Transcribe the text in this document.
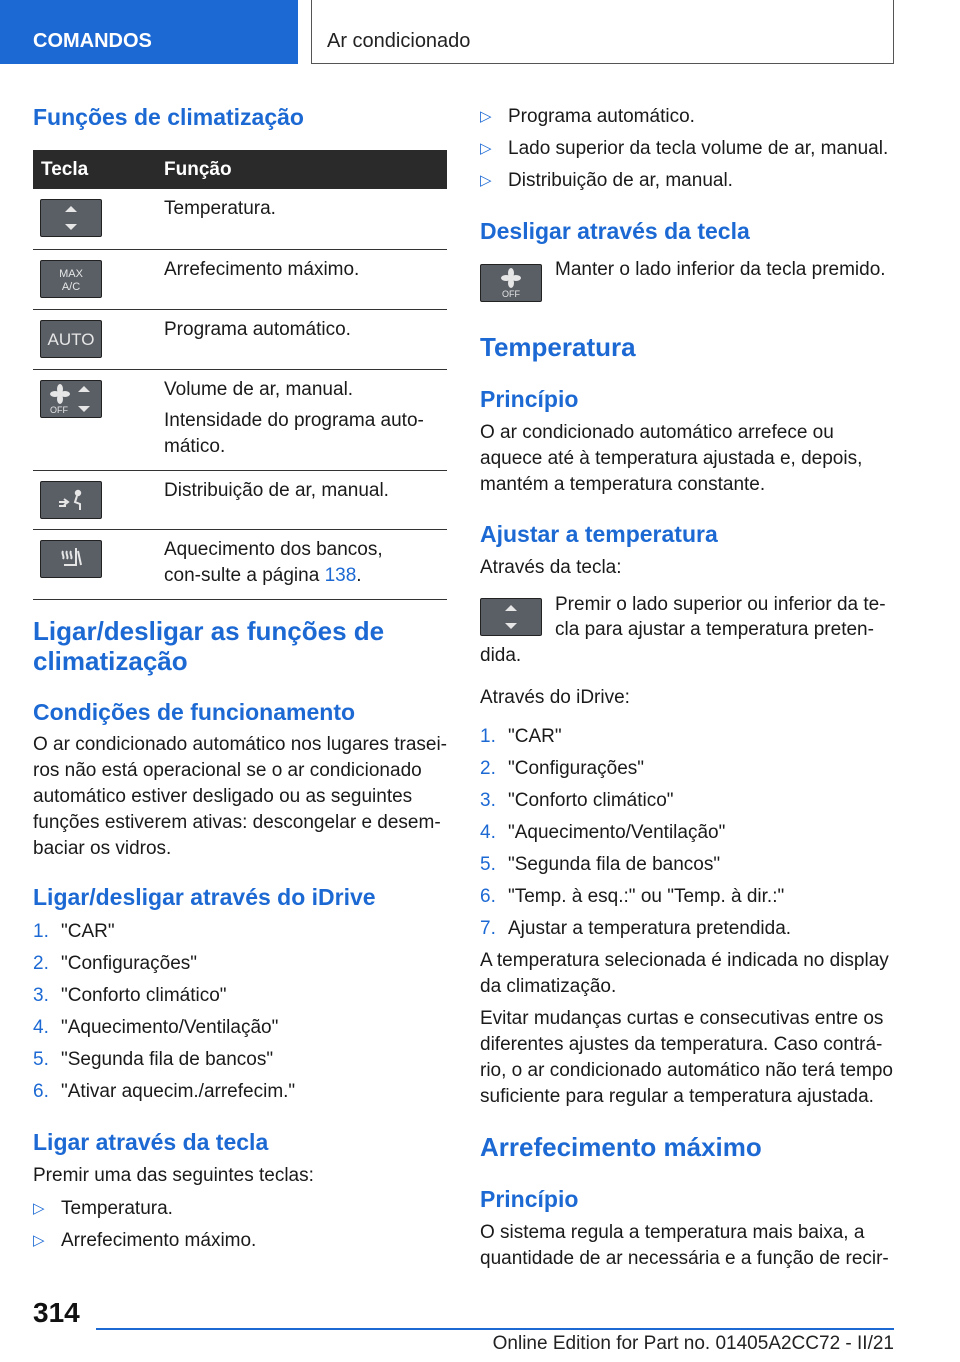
COMANDOS	Ar condicionado
Funções de climatização
Tecla	Função

Temperatura.

MAX
A/C	Arrefecimento máximo.

AUTO	Programa automático.

OFF	Volume de ar, manual.

Intensidade do programa auto-mático.

Distribuição de ar, manual.

Aquecimento dos bancos, con-sulte a página 138.

Ligar/desligar as funções de climatização
Condições de funcionamento

O ar condicionado automático nos lugares trasei-ros não está operacional se o ar condicionado automático estiver desligado ou as seguintes funções estiverem ativas: descongelar e desem-baciar os vidros.

Ligar/desligar através do iDrive
1. "CAR"
2. "Configurações"
3. "Conforto climático"
4. "Aquecimento/Ventilação"
5. "Segunda fila de bancos"
6. "Ativar aquecim./arrefecim."
Ligar através da tecla

Premir uma das seguintes teclas:

▷ Temperatura.
▷ Arrefecimento máximo.
▷ Programa automático.
▷ Lado superior da tecla volume de ar, manual.
▷ Distribuição de ar, manual.
Desligar através da tecla
OFF

Manter o lado inferior da tecla premido.

Temperatura
Princípio

O ar condicionado automático arrefece ou aquece até à temperatura ajustada e, depois, mantém a temperatura constante.

Ajustar a temperatura

Através da tecla:

Premir o lado superior ou inferior da te-

cla para ajustar a temperatura preten-

dida.

Através do iDrive:

1. "CAR"
2. "Configurações"
3. "Conforto climático"
4. "Aquecimento/Ventilação"
5. "Segunda fila de bancos"
6. "Temp. à esq.:" ou "Temp. à dir.:"
7. Ajustar a temperatura pretendida.

A temperatura selecionada é indicada no display da climatização.

Evitar mudanças curtas e consecutivas entre os diferentes ajustes da temperatura. Caso contrá-rio, o ar condicionado automático não terá tempo suficiente para regular a temperatura ajustada.

Arrefecimento máximo
Princípio

O sistema regula a temperatura mais baixa, a quantidade de ar necessária e a função de recir-

314
Online Edition for Part no. 01405A2CC72 - II/21
